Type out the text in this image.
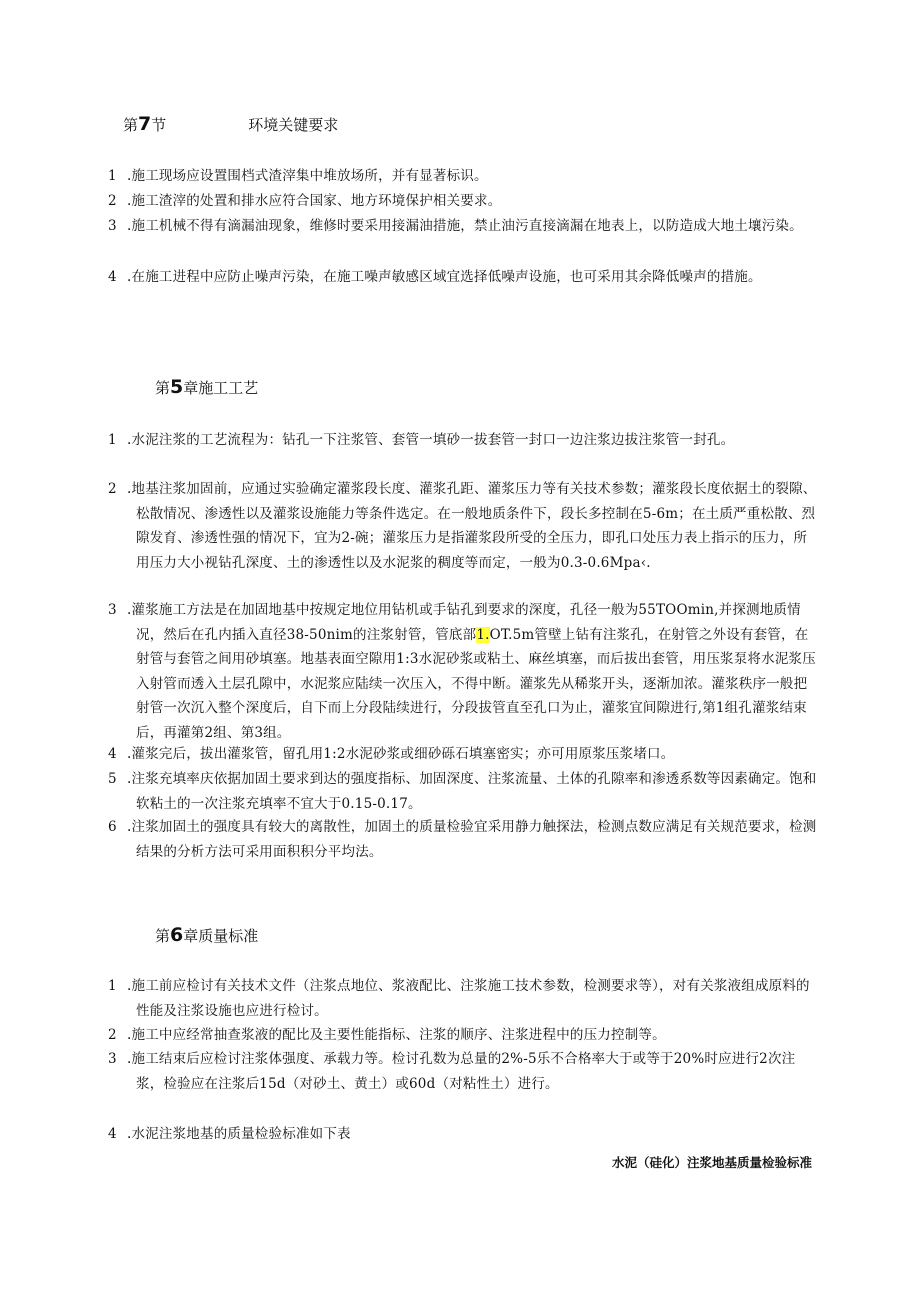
第7节	环境关键要求
1 .施工现场应设置围档式渣滓集中堆放场所，并有显著标识。
2 .施工渣滓的处置和排水应符合国家、地方环境保护相关要求。
3 .施工机械不得有滴漏油现象，维修时要采用接漏油措施，禁止油污直接滴漏在地表上，以防造成大地土壤污染。
4 .在施工进程中应防止噪声污染，在施工噪声敏感区域宜选择低噪声设施，也可采用其余降低噪声的措施。
第5章施工工艺
1 .水泥注浆的工艺流程为：钻孔一下注浆管、套管一填砂一拔套管一封口一边注浆边拔注浆管一封孔。
2 .地基注浆加固前，应通过实验确定灌浆段长度、灌浆孔距、灌浆压力等有关技术参数；灌浆段长度依据土的裂隙、松散情况、渗透性以及灌浆设施能力等条件选定。在一般地质条件下，段长多控制在5-6m；在土质严重松散、烈隙发育、渗透性强的情况下，宜为2-碗；灌浆压力是指灌浆段所受的全压力，即孔口处压力表上指示的压力，所用压力大小视钻孔深度、土的渗透性以及水泥浆的稠度等而定，一般为0.3-0.6Mpa‹.
3 .灌浆施工方法是在加固地基中按规定地位用钻机或手钻孔到要求的深度，孔径一般为55TOOmin,并探测地质情况，然后在孔内插入直径38-50nim的注浆射管，管底部1.OT.5m管壁上钻有注浆孔，在射管之外设有套管，在射管与套管之间用砂填塞。地基表面空隙用1:3水泥砂浆或粘土、麻丝填塞，而后拔出套管，用压浆泵将水泥浆压入射管而透入土层孔隙中，水泥浆应陆续一次压入，不得中断。灌浆先从稀浆开头，逐渐加浓。灌浆秩序一般把射管一次沉入整个深度后，自下而上分段陆续进行，分段拔管直至孔口为止，灌浆宜间隙进行,第1组孔灌浆结束后，再灌第2组、第3组。
4 .灌浆完后，拔出灌浆管，留孔用1:2水泥砂浆或细砂砾石填塞密实；亦可用原浆压浆堵口。
5 .注浆充填率庆依据加固土要求到达的强度指标、加固深度、注浆流量、土体的孔隙率和渗透系数等因素确定。饱和软粘土的一次注浆充填率不宜大于0.15-0.17。
6 .注浆加固土的强度具有较大的离散性，加固土的质量检验宜采用静力触探法，检测点数应满足有关规范要求，检测结果的分析方法可采用面积积分平均法。
第6章质量标准
1 .施工前应检讨有关技术文件（注浆点地位、浆液配比、注浆施工技术参数，检测要求等），对有关浆液组成原料的性能及注浆设施也应进行检讨。
2 .施工中应经常抽查浆液的配比及主要性能指标、注浆的顺序、注浆进程中的压力控制等。
3 .施工结束后应检讨注浆体强度、承载力等。检讨孔数为总量的2%-5乐不合格率大于或等于20%时应进行2次注浆，检验应在注浆后15d（对砂土、黄土）或60d（对粘性土）进行。
4 .水泥注浆地基的质量检验标准如下表
水泥（硅化）注浆地基质量检验标准
